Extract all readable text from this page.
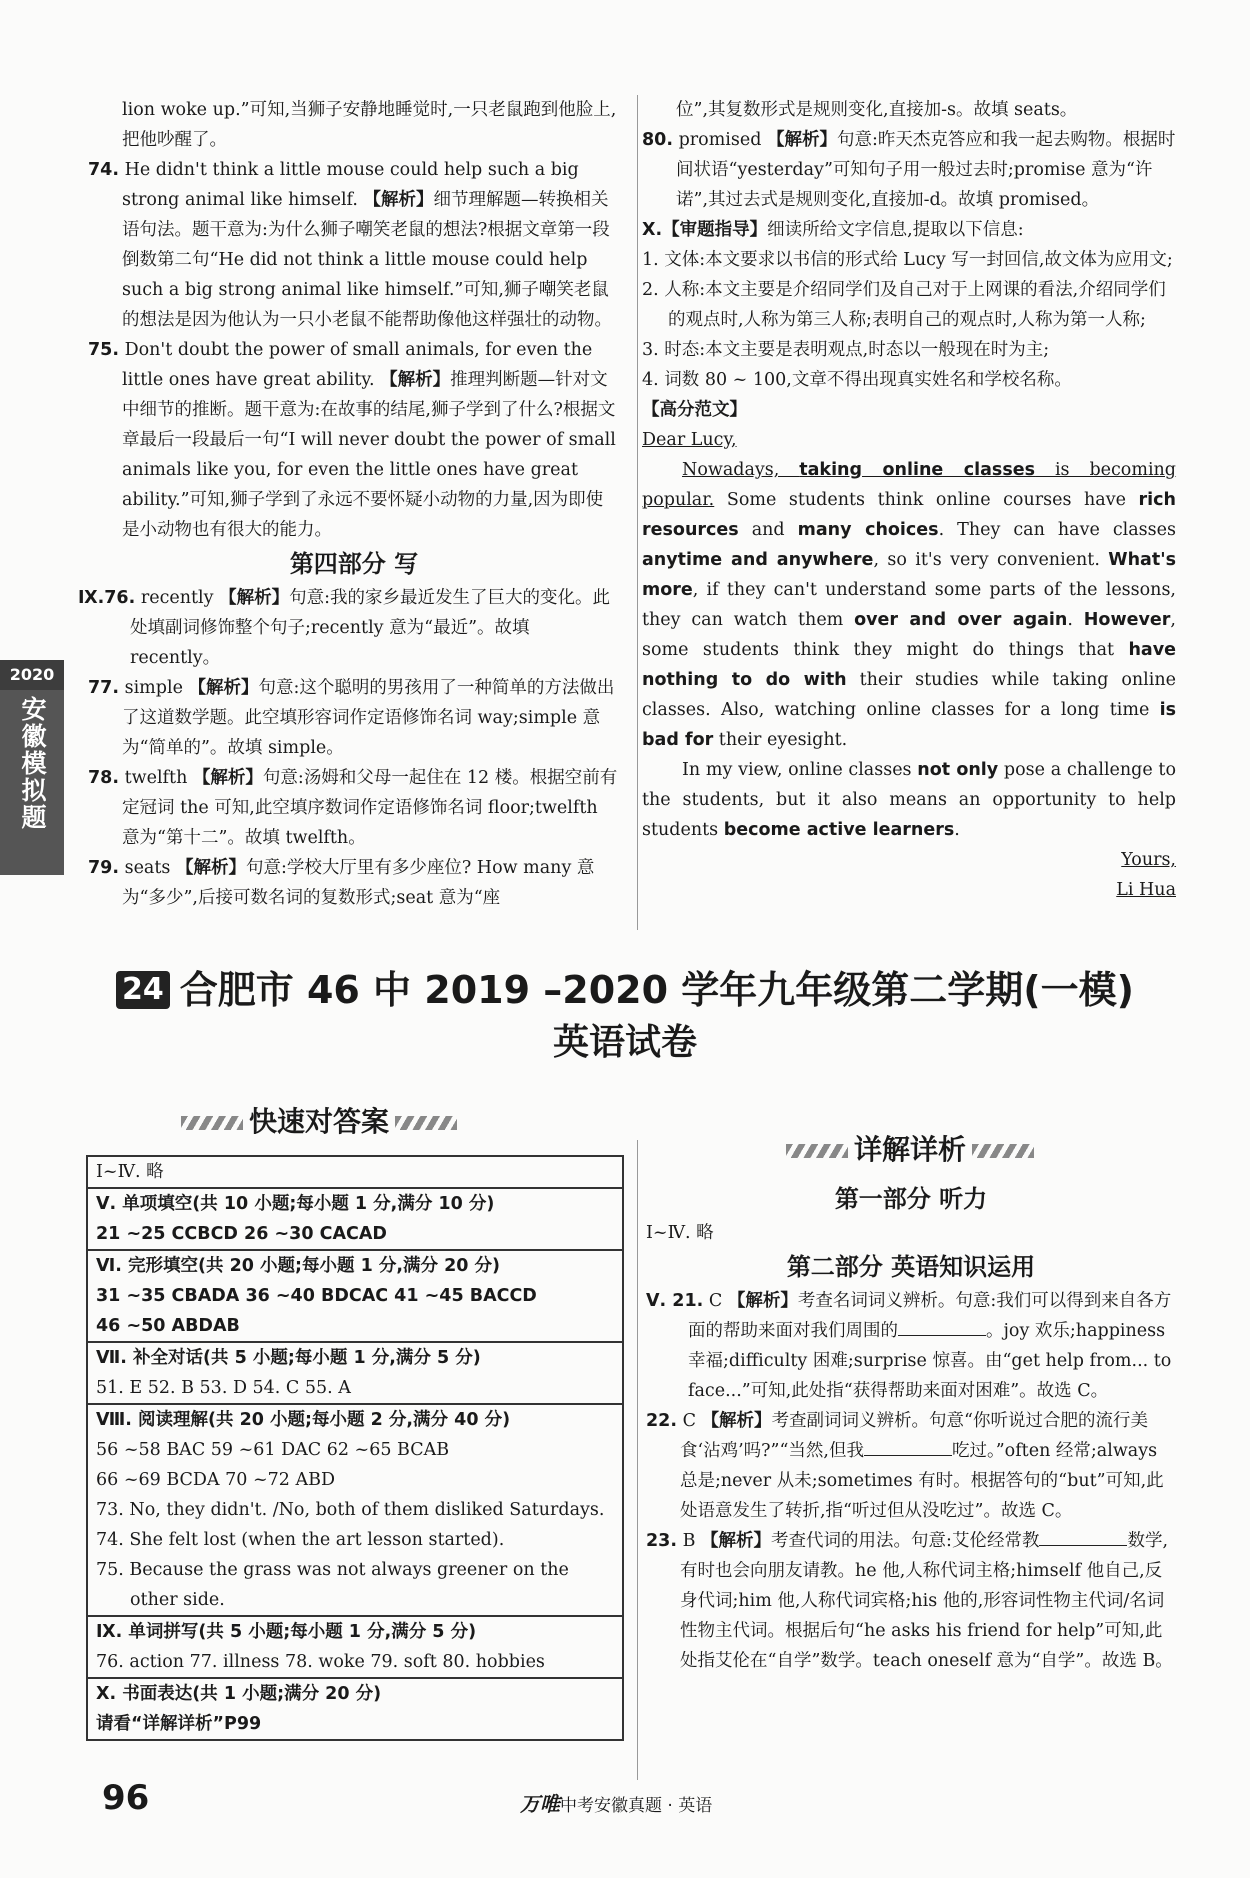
lion woke up.”可知,当狮子安静地睡觉时,一只老鼠跑到他脸上,把他吵醒了。

74. He didn't think a little mouse could help such a big strong animal like himself. 【解析】细节理解题—转换相关语句法。题干意为:为什么狮子嘲笑老鼠的想法?根据文章第一段倒数第二句“He did not think a little mouse could help such a big strong animal like himself.”可知,狮子嘲笑老鼠的想法是因为他认为一只小老鼠不能帮助像他这样强壮的动物。

75. Don't doubt the power of small animals, for even the little ones have great ability. 【解析】推理判断题—针对文中细节的推断。题干意为:在故事的结尾,狮子学到了什么?根据文章最后一段最后一句“I will never doubt the power of small animals like you, for even the little ones have great ability.”可知,狮子学到了永远不要怀疑小动物的力量,因为即使是小动物也有很大的能力。

第四部分 写

Ⅸ.76. recently 【解析】句意:我的家乡最近发生了巨大的变化。此处填副词修饰整个句子;recently 意为“最近”。故填 recently。

77. simple 【解析】句意:这个聪明的男孩用了一种简单的方法做出了这道数学题。此空填形容词作定语修饰名词 way;simple 意为“简单的”。故填 simple。

78. twelfth 【解析】句意:汤姆和父母一起住在 12 楼。根据空前有定冠词 the 可知,此空填序数词作定语修饰名词 floor;twelfth 意为“第十二”。故填 twelfth。

79. seats 【解析】句意:学校大厅里有多少座位? How many 意为“多少”,后接可数名词的复数形式;seat 意为“座

位”,其复数形式是规则变化,直接加-s。故填 seats。

80. promised 【解析】句意:昨天杰克答应和我一起去购物。根据时间状语“yesterday”可知句子用一般过去时;promise 意为“许诺”,其过去式是规则变化,直接加-d。故填 promised。

Ⅹ.【审题指导】细读所给文字信息,提取以下信息:

1. 文体:本文要求以书信的形式给 Lucy 写一封回信,故文体为应用文;

2. 人称:本文主要是介绍同学们及自己对于上网课的看法,介绍同学们的观点时,人称为第三人称;表明自己的观点时,人称为第一人称;

3. 时态:本文主要是表明观点,时态以一般现在时为主;

4. 词数 80 ~ 100,文章不得出现真实姓名和学校名称。

【高分范文】

Dear Lucy,

Nowadays, taking online classes is becoming popular. Some students think online courses have rich resources and many choices. They can have classes anytime and anywhere, so it's very convenient. What's more, if they can't understand some parts of the lessons, they can watch them over and over again. However, some students think they might do things that have nothing to do with their studies while taking online classes. Also, watching online classes for a long time is bad for their eyesight.

In my view, online classes not only pose a challenge to the students, but it also means an opportunity to help students become active learners.

Yours,

Li Hua

2020
安徽模拟题
24 合肥市 46 中 2019 –2020 学年九年级第二学期(一模)
英语试卷
快速对答案
Ⅰ~Ⅳ. 略
Ⅴ. 单项填空(共 10 小题;每小题 1 分,满分 10 分)
21 ~25 CCBCD 26 ~30 CACAD
Ⅵ. 完形填空(共 20 小题;每小题 1 分,满分 20 分)
31 ~35 CBADA 36 ~40 BDCAC 41 ~45 BACCD
46 ~50 ABDAB
Ⅶ. 补全对话(共 5 小题;每小题 1 分,满分 5 分)
51. E 52. B 53. D 54. C 55. A
Ⅷ. 阅读理解(共 20 小题;每小题 2 分,满分 40 分)
56 ~58 BAC 59 ~61 DAC 62 ~65 BCAB
66 ~69 BCDA 70 ~72 ABD
73. No, they didn't. /No, both of them disliked Saturdays.
74. She felt lost (when the art lesson started).
75. Because the grass was not always greener on the other side.
Ⅸ. 单词拼写(共 5 小题;每小题 1 分,满分 5 分)
76. action 77. illness 78. woke 79. soft 80. hobbies
Ⅹ. 书面表达(共 1 小题;满分 20 分)
请看“详解详析”P99
详解详析

第一部分 听力

Ⅰ~Ⅳ. 略

第二部分 英语知识运用

Ⅴ. 21. C 【解析】考查名词词义辨析。句意:我们可以得到来自各方面的帮助来面对我们周围的	。joy 欢乐;happiness 幸福;difficulty 困难;surprise 惊喜。由“get help from... to face...”可知,此处指“获得帮助来面对困难”。故选 C。

22. C 【解析】考查副词词义辨析。句意“你听说过合肥的流行美食‘沾鸡’吗?”“当然,但我	吃过。”often 经常;always 总是;never 从未;sometimes 有时。根据答句的“but”可知,此处语意发生了转折,指“听过但从没吃过”。故选 C。

23. B 【解析】考查代词的用法。句意:艾伦经常教	数学,有时也会向朋友请教。he 他,人称代词主格;himself 他自己,反身代词;him 他,人称代词宾格;his 他的,形容词性物主代词/名词性物主代词。根据后句“he asks his friend for help”可知,此处指艾伦在“自学”数学。teach oneself 意为“自学”。故选 B。

96	万唯中考安徽真题 · 英语
